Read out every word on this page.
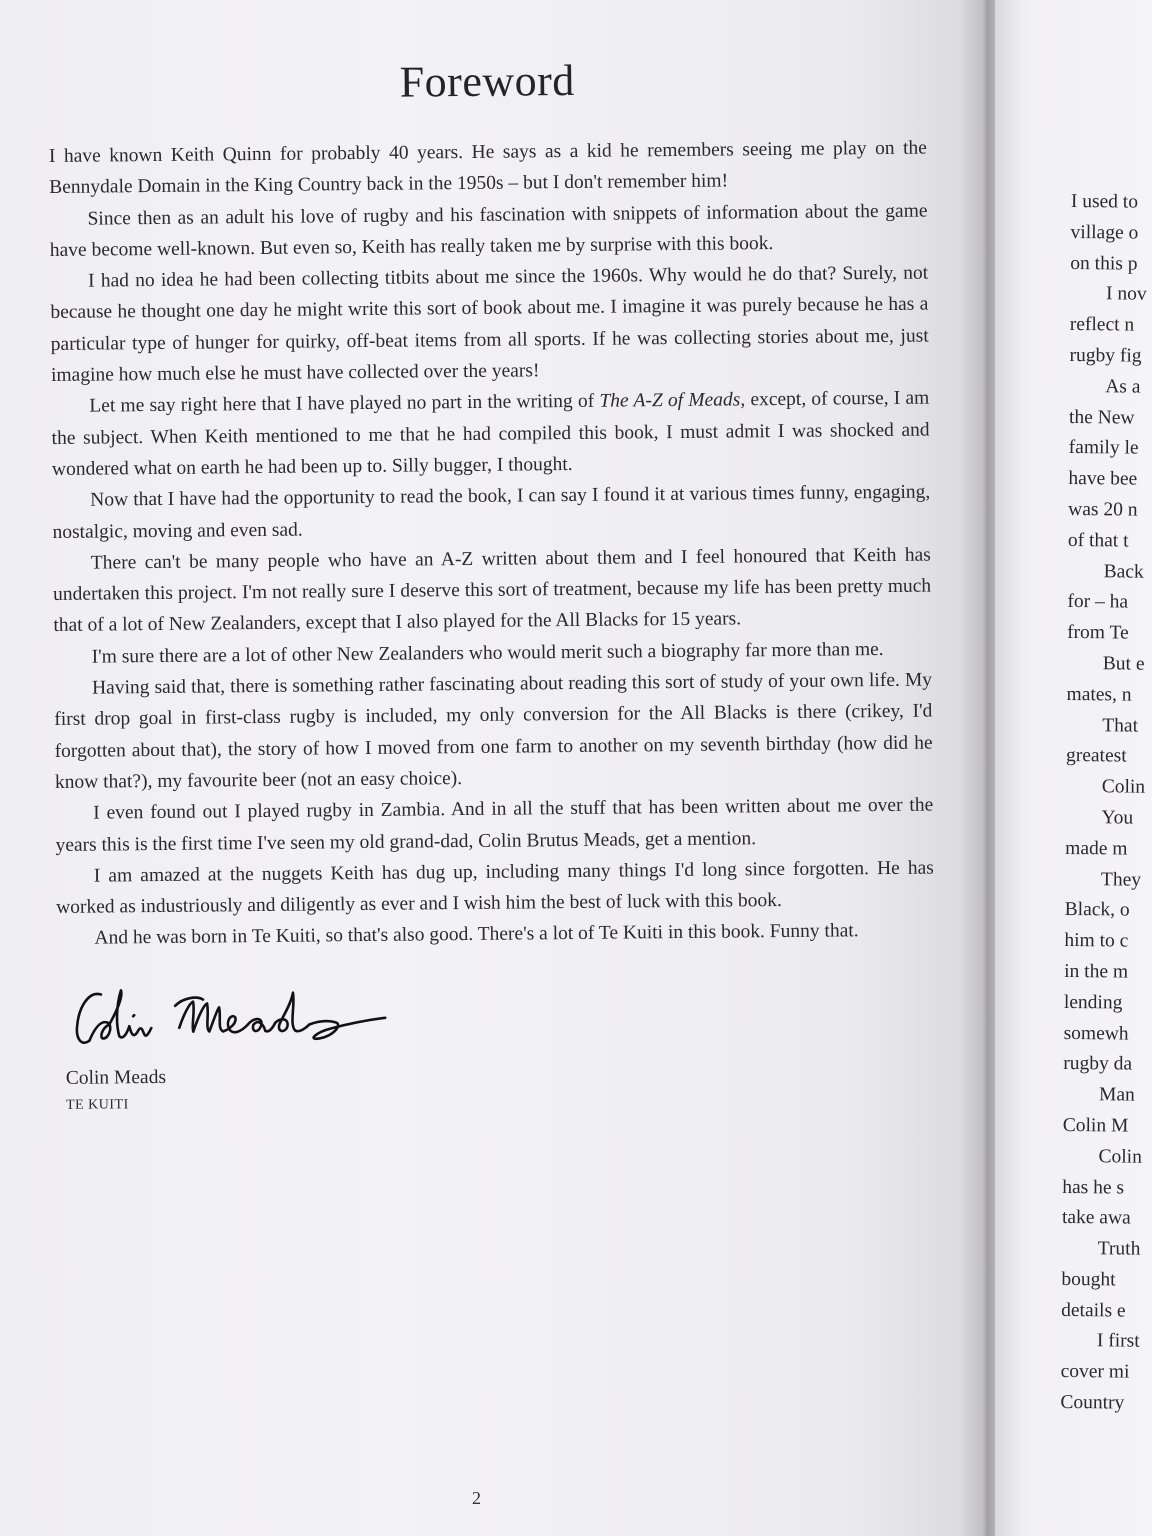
Foreword

I have known Keith Quinn for probably 40 years. He says as a kid he remembers seeing me play on the Bennydale Domain in the King Country back in the 1950s – but I don't remember him!

Since then as an adult his love of rugby and his fascination with snippets of information about the game have become well-known. But even so, Keith has really taken me by surprise with this book.

I had no idea he had been collecting titbits about me since the 1960s. Why would he do that? Surely, not because he thought one day he might write this sort of book about me. I imagine it was purely because he has a particular type of hunger for quirky, off-beat items from all sports. If he was collecting stories about me, just imagine how much else he must have collected over the years!

Let me say right here that I have played no part in the writing of The A-Z of Meads, except, of course, I am the subject. When Keith mentioned to me that he had compiled this book, I must admit I was shocked and wondered what on earth he had been up to. Silly bugger, I thought.

Now that I have had the opportunity to read the book, I can say I found it at various times funny, engaging, nostalgic, moving and even sad.

There can't be many people who have an A-Z written about them and I feel honoured that Keith has undertaken this project. I'm not really sure I deserve this sort of treatment, because my life has been pretty much that of a lot of New Zealanders, except that I also played for the All Blacks for 15 years.

I'm sure there are a lot of other New Zealanders who would merit such a biography far more than me.

Having said that, there is something rather fascinating about reading this sort of study of your own life. My first drop goal in first-class rugby is included, my only conversion for the All Blacks is there (crikey, I'd forgotten about that), the story of how I moved from one farm to another on my seventh birthday (how did he know that?), my favourite beer (not an easy choice).

I even found out I played rugby in Zambia. And in all the stuff that has been written about me over the years this is the first time I've seen my old grand-dad, Colin Brutus Meads, get a mention.

I am amazed at the nuggets Keith has dug up, including many things I'd long since forgotten. He has worked as industriously and diligently as ever and I wish him the best of luck with this book.

And he was born in Te Kuiti, so that's also good. There's a lot of Te Kuiti in this book. Funny that.

Colin Meads
TE KUITI
2
I used to
village o
on this p
I nov
reflect n
rugby fig
As a
the New
family le
have bee
was 20 n
of that t
Back
for – ha
from Te
But e
mates, n
That
greatest
Colin
You
made m
They
Black, o
him to c
in the m
lending
somewh
rugby da
Man
Colin M
Colin
has he s
take awa
Truth
bought
details e
I first
cover mi
Country
